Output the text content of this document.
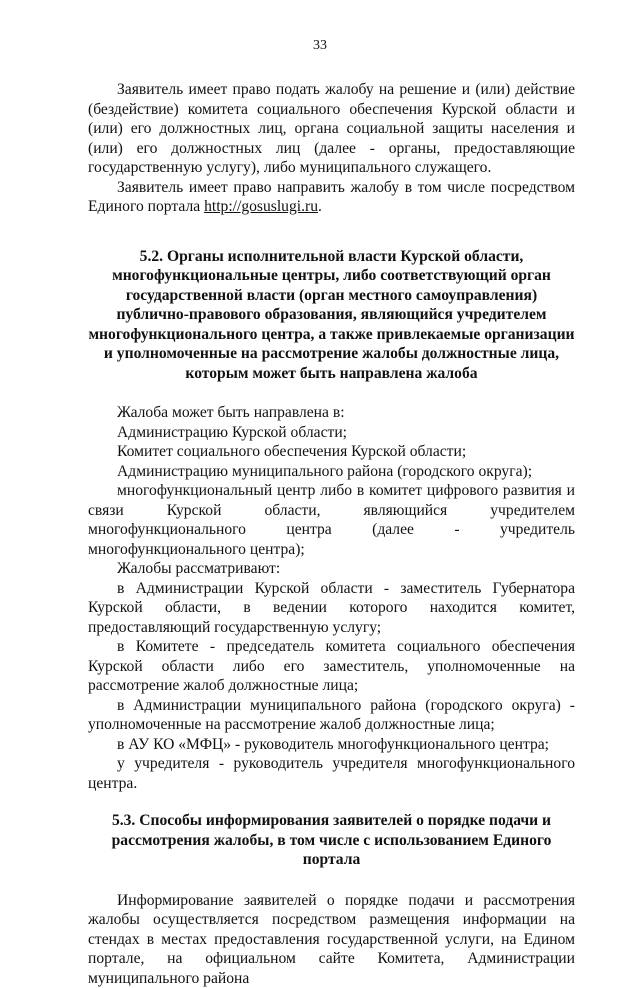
33

Заявитель имеет право подать жалобу на решение и (или) действие (бездействие) комитета социального обеспечения Курской области и (или) его должностных лиц, органа социальной защиты населения и (или) его должностных лиц (далее - органы, предоставляющие государственную услугу), либо муниципального служащего.

Заявитель имеет право направить жалобу в том числе посредством Единого портала http://gosuslugi.ru.

5.2. Органы исполнительной власти Курской области, многофункциональные центры, либо соответствующий орган государственной власти (орган местного самоуправления) публично-правового образования, являющийся учредителем многофункционального центра, а также привлекаемые организации и уполномоченные на рассмотрение жалобы должностные лица, которым может быть направлена жалоба

Жалоба может быть направлена в:

Администрацию Курской области;

Комитет социального обеспечения Курской области;

Администрацию муниципального района (городского округа);

многофункциональный центр либо в комитет цифрового развития и связи Курской области, являющийся учредителем многофункционального центра (далее - учредитель многофункционального центра);

Жалобы рассматривают:

в Администрации Курской области - заместитель Губернатора Курской области, в ведении которого находится комитет, предоставляющий государственную услугу;

в Комитете - председатель комитета социального обеспечения Курской области либо его заместитель, уполномоченные на рассмотрение жалоб должностные лица;

в Администрации муниципального района (городского округа) - уполномоченные на рассмотрение жалоб должностные лица;

в АУ КО «МФЦ» - руководитель многофункционального центра;

у учредителя - руководитель учредителя многофункционального центра.

5.3. Способы информирования заявителей о порядке подачи и рассмотрения жалобы, в том числе с использованием Единого портала

Информирование заявителей о порядке подачи и рассмотрения жалобы осуществляется посредством размещения информации на стендах в местах предоставления государственной услуги, на Едином портале, на официальном сайте Комитета, Администрации муниципального района
